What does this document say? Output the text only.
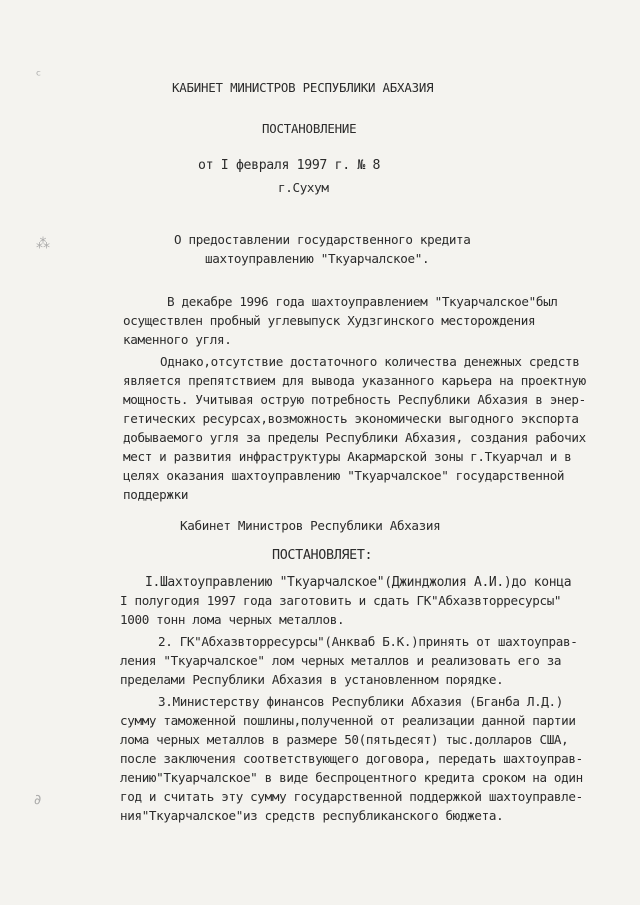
ᶜ
⁂
∂
КАБИНЕТ МИНИСТРОВ РЕСПУБЛИКИ АБХАЗИЯ
ПОСТАНОВЛЕНИЕ
от I февраля 1997 г. № 8
г.Сухум
О предоставлении государственного кредита
шахтоуправлению "Ткуарчалское".
В декабре 1996 года шахтоуправлением "Ткуарчалское"был
осуществлен пробный углевыпуск Худзгинского месторождения
каменного угля.
Однако,отсутствие достаточного количества денежных средств
является препятствием для вывода указанного карьера на проектную
мощность. Учитывая острую потребность Республики Абхазия в энер-
гетических ресурсах,возможность экономически выгодного экспорта
добываемого угля за пределы Республики Абхазия, создания рабочих
мест и развития инфраструктуры Акармарской зоны г.Ткуарчал и в
целях оказания шахтоуправлению "Ткуарчалское" государственной
поддержки
Кабинет Министров Республики Абхазия
ПОСТАНОВЛЯЕТ:
I.Шахтоуправлению "Ткуарчалское"(Джинджолия А.И.)до конца
I полугодия 1997 года заготовить и сдать ГК"Абхазвторресурсы"
1000 тонн лома черных металлов.
2. ГК"Абхазвторресурсы"(Анкваб Б.К.)принять от шахтоуправ-
ления "Ткуарчалское" лом черных металлов и реализовать его за
пределами Республики Абхазия в установленном порядке.
3.Министерству финансов Республики Абхазия (Бганба Л.Д.)
сумму таможенной пошлины,полученной от реализации данной партии
лома черных металлов в размере 50(пятьдесят) тыс.долларов США,
после заключения соответствующего договора, передать шахтоуправ-
лению"Ткуарчалское" в виде беспроцентного кредита сроком на один
год и считать эту сумму государственной поддержкой шахтоуправле-
ния"Ткуарчалское"из средств республиканского бюджета.
